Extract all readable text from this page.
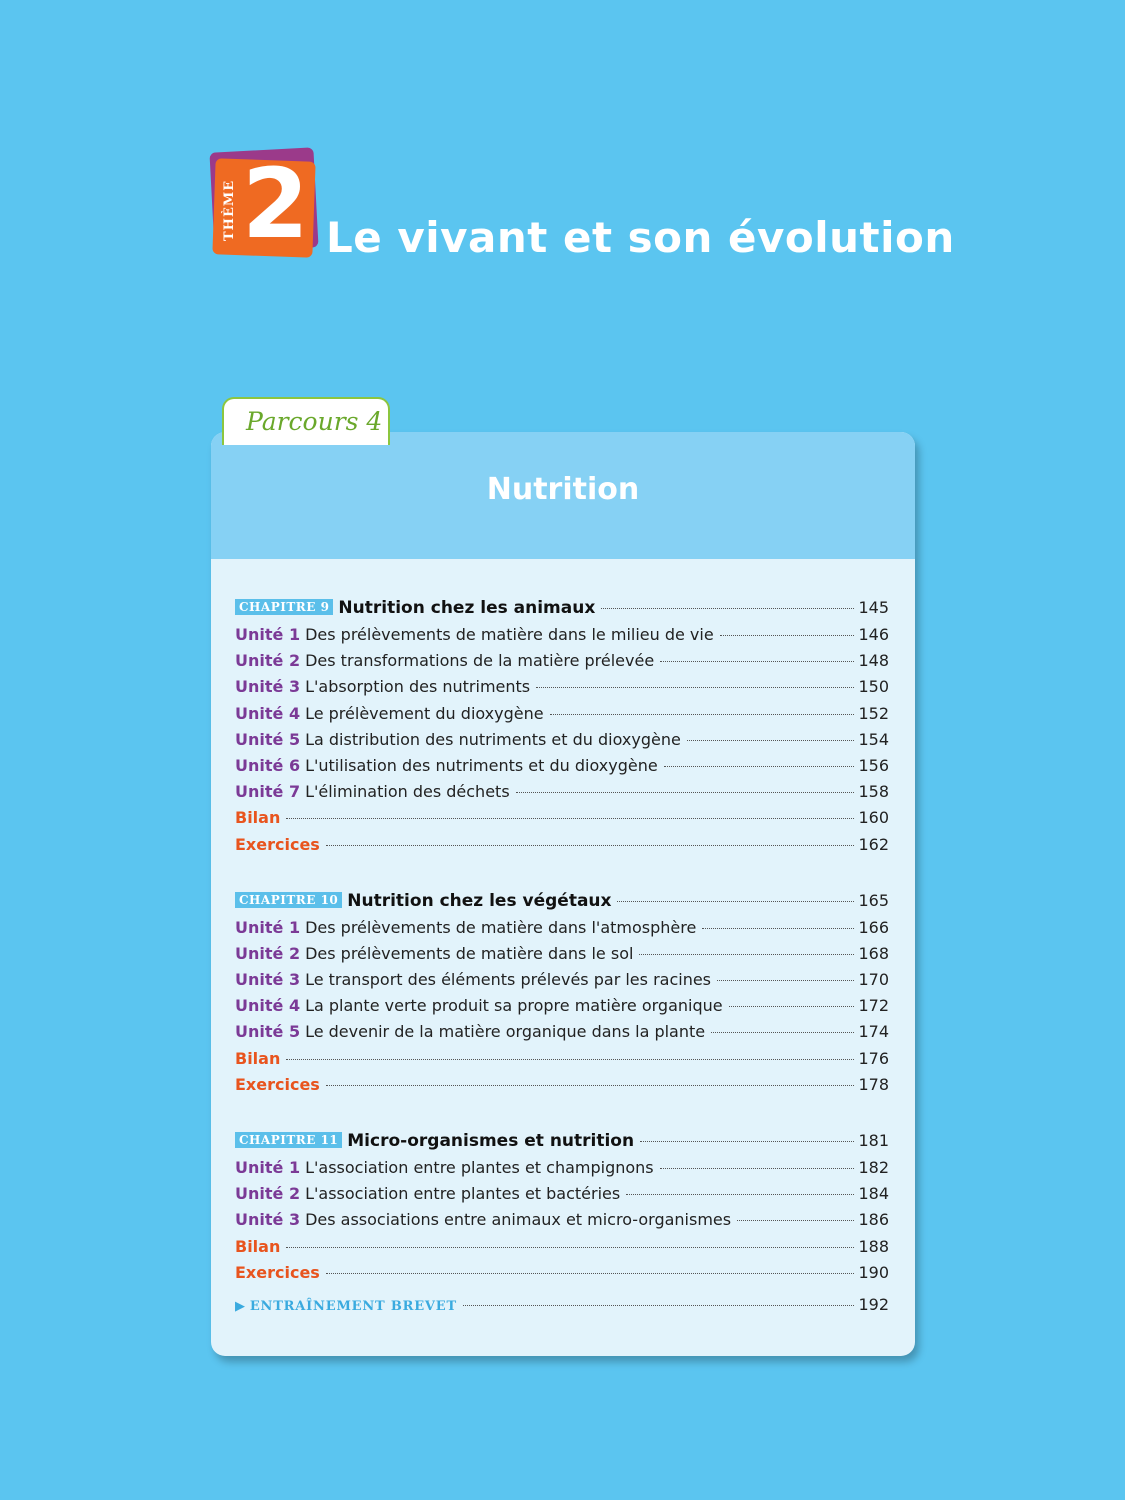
THÈME 2 Le vivant et son évolution
Nutrition
CHAPITRE 9 Nutrition chez les animaux	145
Unité 1 Des prélèvements de matière dans le milieu de vie	146
Unité 2 Des transformations de la matière prélevée	148
Unité 3 L'absorption des nutriments	150
Unité 4 Le prélèvement du dioxygène	152
Unité 5 La distribution des nutriments et du dioxygène	154
Unité 6 L'utilisation des nutriments et du dioxygène	156
Unité 7 L'élimination des déchets	158
Bilan	160
Exercices	162
CHAPITRE 10 Nutrition chez les végétaux	165
Unité 1 Des prélèvements de matière dans l'atmosphère	166
Unité 2 Des prélèvements de matière dans le sol	168
Unité 3 Le transport des éléments prélevés par les racines	170
Unité 4 La plante verte produit sa propre matière organique	172
Unité 5 Le devenir de la matière organique dans la plante	174
Bilan	176
Exercices	178
CHAPITRE 11 Micro-organismes et nutrition	181
Unité 1 L'association entre plantes et champignons	182
Unité 2 L'association entre plantes et bactéries	184
Unité 3 Des associations entre animaux et micro-organismes	186
Bilan	188
Exercices	190
▶ ENTRAÎNEMENT BREVET	192
Parcours 4
